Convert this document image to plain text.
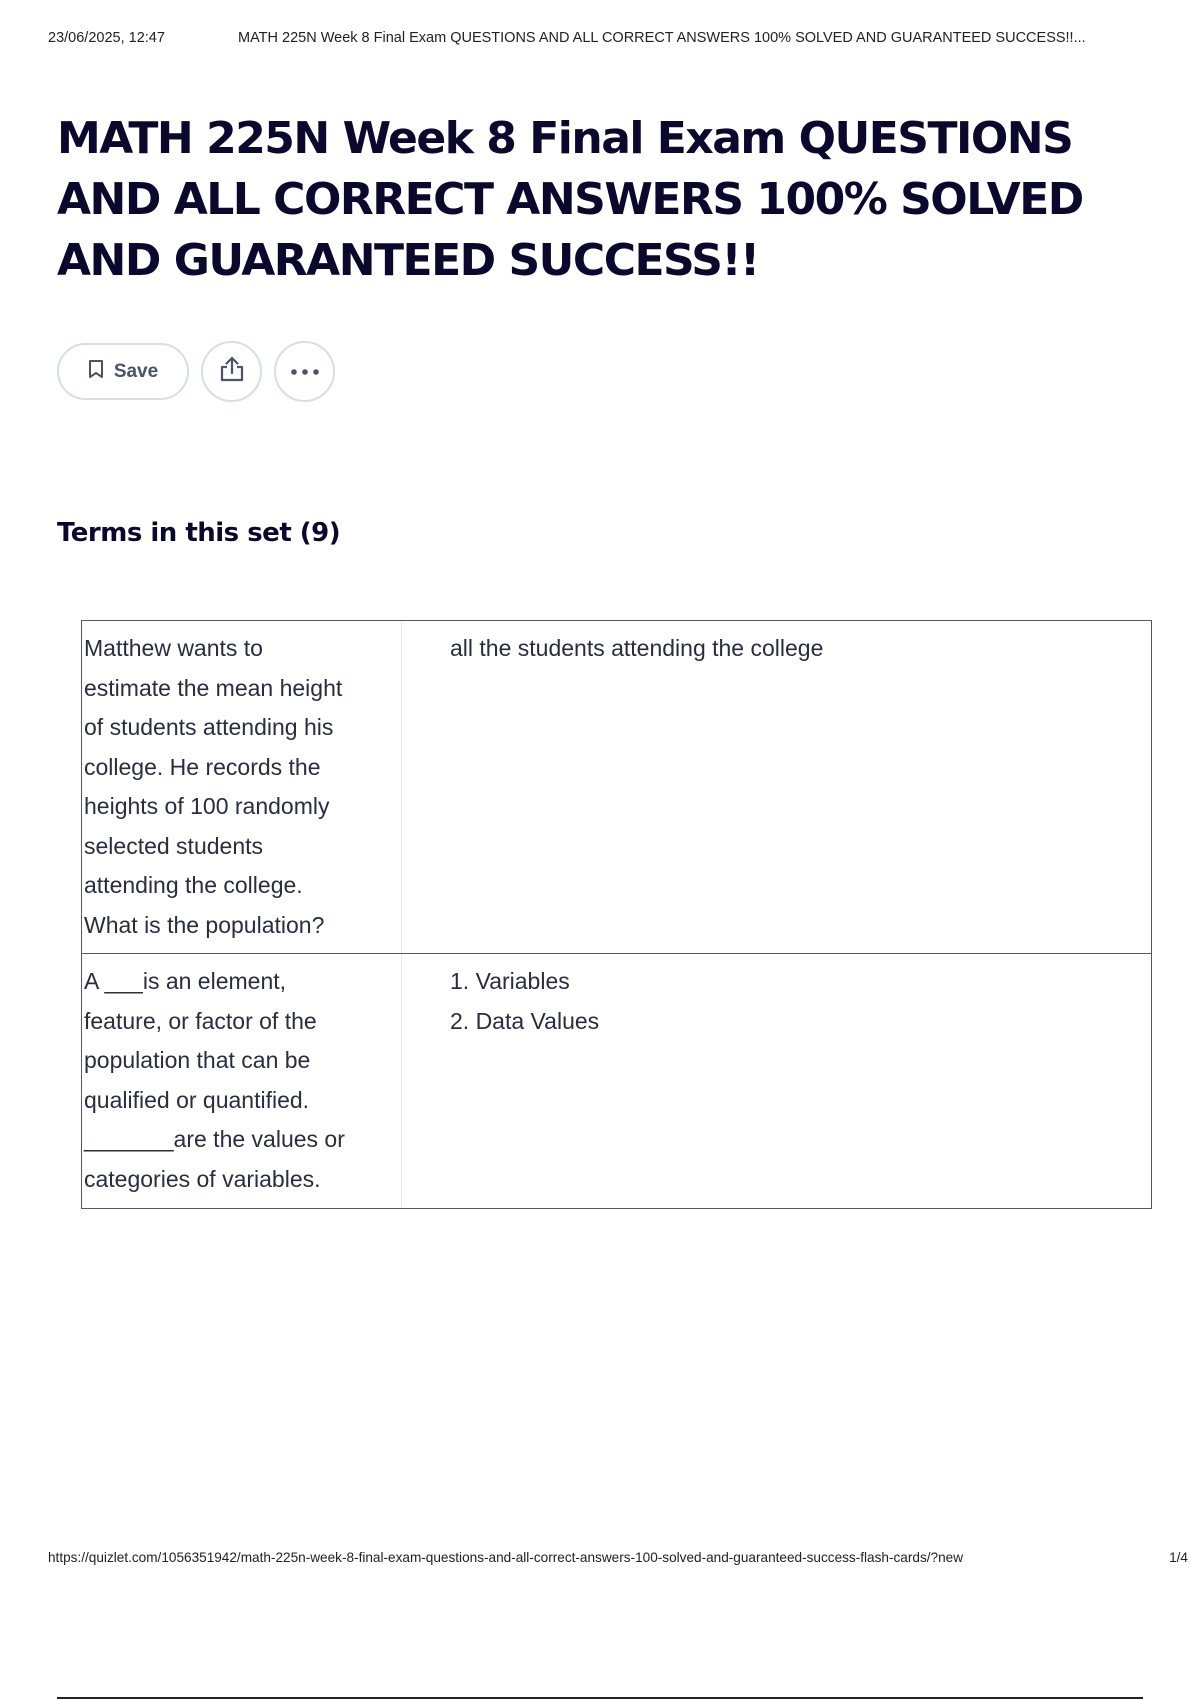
23/06/2025, 12:47	MATH 225N Week 8 Final Exam QUESTIONS AND ALL CORRECT ANSWERS 100% SOLVED AND GUARANTEED SUCCESS!!...
MATH 225N Week 8 Final Exam QUESTIONS AND ALL CORRECT ANSWERS 100% SOLVED AND GUARANTEED SUCCESS!!
Save
Terms in this set (9)
Matthew wants to
estimate the mean height
of students attending his
college. He records the
heights of 100 randomly
selected students
attending the college.
What is the population?
all the students attending the college
A ___is an element,
feature, or factor of the
population that can be
qualified or quantified.
_______are the values or
categories of variables.
1. Variables
2. Data Values
https://quizlet.com/1056351942/math-225n-week-8-final-exam-questions-and-all-correct-answers-100-solved-and-guaranteed-success-flash-cards/?new	1/4
